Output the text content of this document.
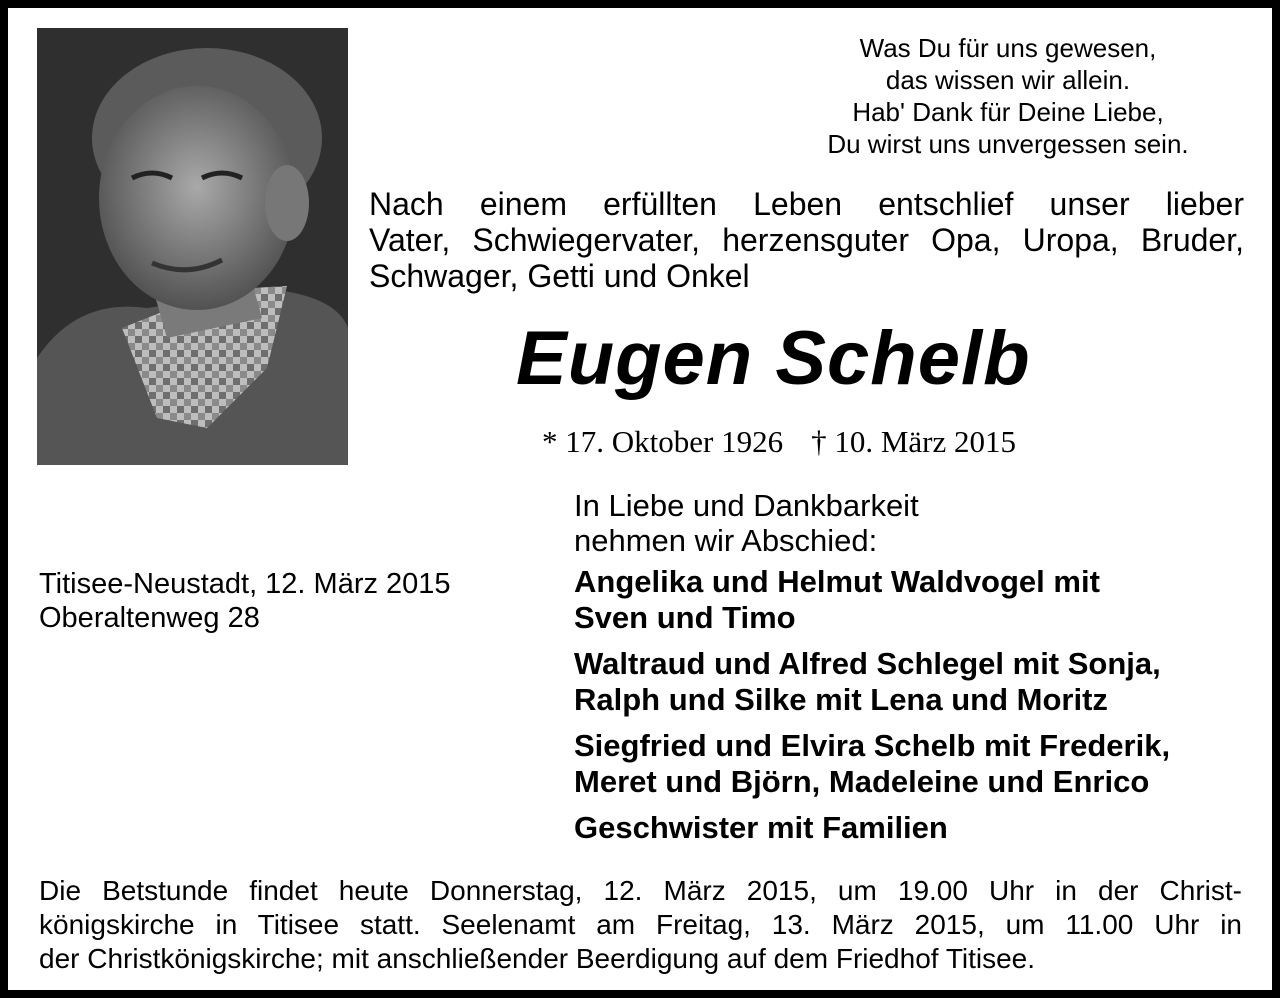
Was Du für uns gewesen,
das wissen wir allein.
Hab' Dank für Deine Liebe,
Du wirst uns unvergessen sein.
Nach einem erfüllten Leben entschlief unser lieber
Vater, Schwiegervater, herzensguter Opa, Uropa, Bruder,
Schwager, Getti und Onkel
Eugen Schelb
* 17. Oktober 1926 † 10. März 2015
In Liebe und Dankbarkeit
nehmen wir Abschied:
Titisee-Neustadt, 12. März 2015
Oberaltenweg 28
Angelika und Helmut Waldvogel mit
Sven und Timo
Waltraud und Alfred Schlegel mit Sonja,
Ralph und Silke mit Lena und Moritz
Siegfried und Elvira Schelb mit Frederik,
Meret und Björn, Madeleine und Enrico
Geschwister mit Familien
Die Betstunde findet heute Donnerstag, 12. März 2015, um 19.00 Uhr in der Christ-
königskirche in Titisee statt. Seelenamt am Freitag, 13. März 2015, um 11.00 Uhr in
der Christkönigskirche; mit anschließender Beerdigung auf dem Friedhof Titisee.
